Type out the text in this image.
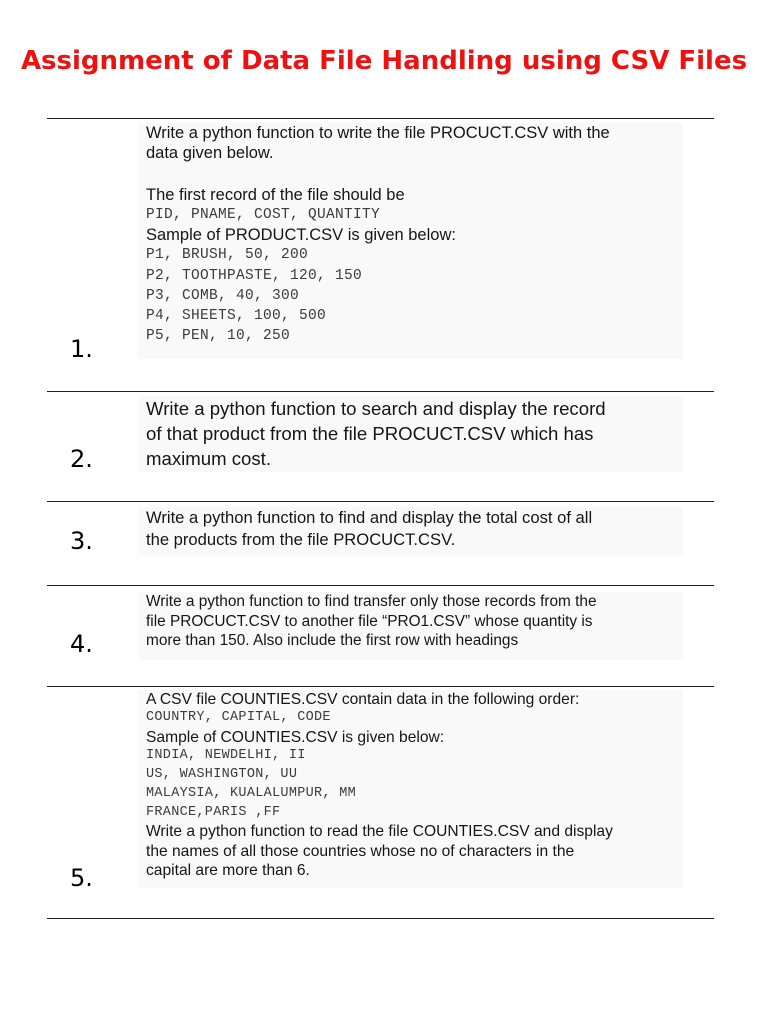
Assignment of Data File Handling using CSV Files
1.
Write a python function to write the file PROCUCT.CSV with the
data given below.
The first record of the file should be
PID, PNAME, COST, QUANTITY
Sample of PRODUCT.CSV is given below:
P1, BRUSH, 50, 200
P2, TOOTHPASTE, 120, 150
P3, COMB, 40, 300
P4, SHEETS, 100, 500
P5, PEN, 10, 250
2.
Write a python function to search and display the record
of that product from the file PROCUCT.CSV which has
maximum cost.
3.
Write a python function to find and display the total cost of all
the products from the file PROCUCT.CSV.
4.
Write a python function to find transfer only those records from the
file PROCUCT.CSV to another file “PRO1.CSV” whose quantity is
more than 150. Also include the first row with headings
5.
A CSV file COUNTIES.CSV contain data in the following order:
COUNTRY, CAPITAL, CODE
Sample of COUNTIES.CSV is given below:
INDIA, NEWDELHI, II
US, WASHINGTON, UU
MALAYSIA, KUALALUMPUR, MM
FRANCE,PARIS ,FF
Write a python function to read the file COUNTIES.CSV and display
the names of all those countries whose no of characters in the
capital are more than 6.
